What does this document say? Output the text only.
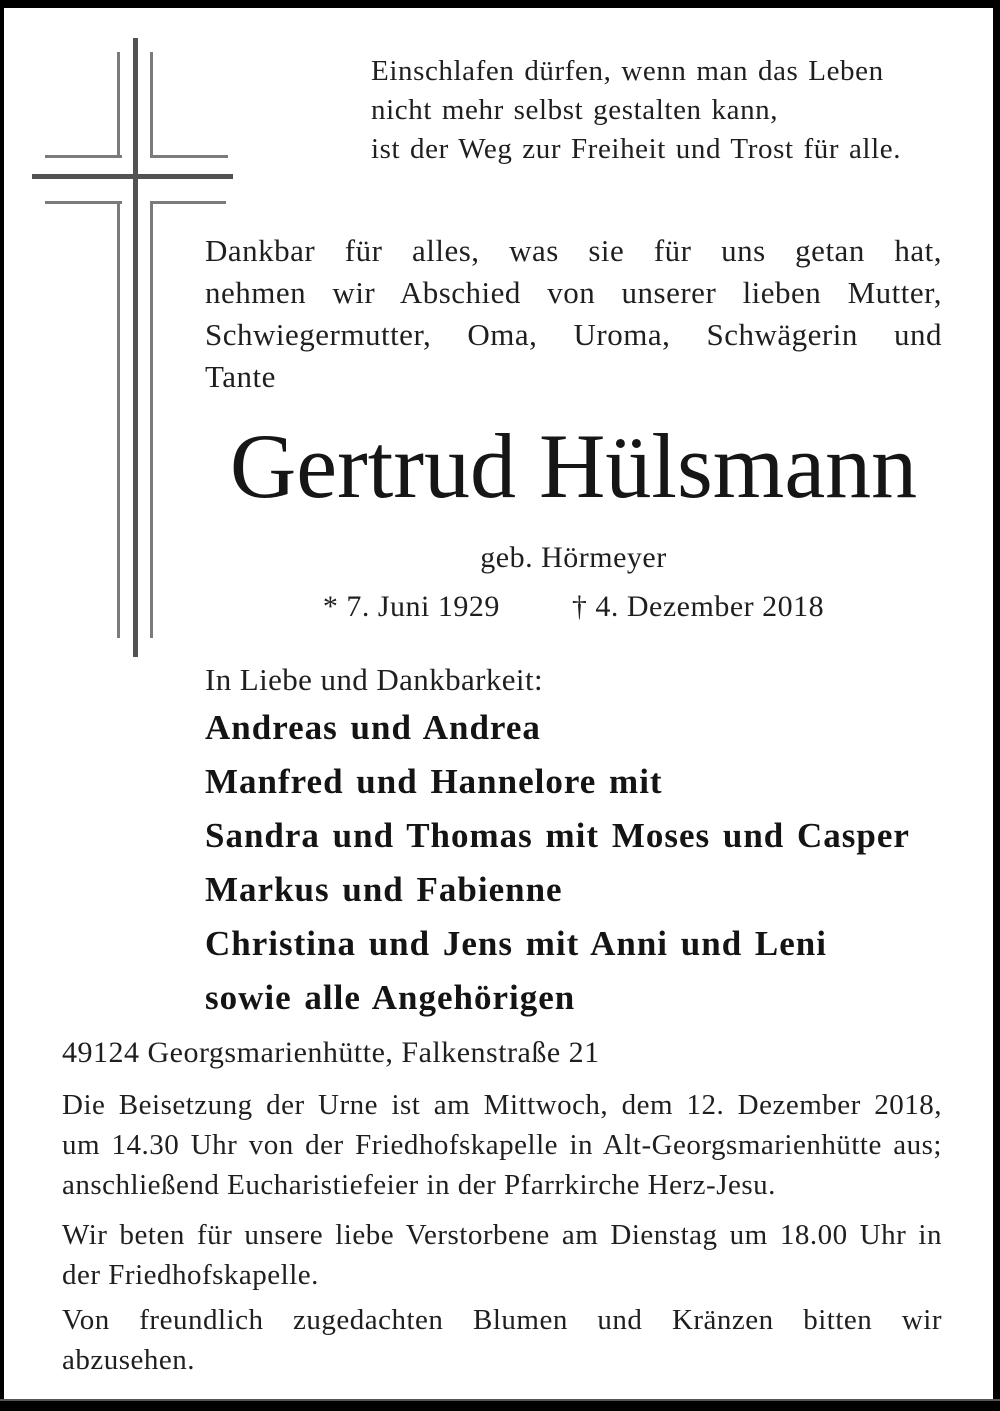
Einschlafen dürfen, wenn man das Leben
nicht mehr selbst gestalten kann,
ist der Weg zur Freiheit und Trost für alle.
Dankbar für alles, was sie für uns getan hat,
nehmen wir Abschied von unserer lieben Mutter,
Schwiegermutter, Oma, Uroma, Schwägerin und
Tante
Gertrud Hülsmann
geb. Hörmeyer
* 7. Juni 1929 † 4. Dezember 2018
In Liebe und Dankbarkeit:
Andreas und Andrea
Manfred und Hannelore mit
Sandra und Thomas mit Moses und Casper
Markus und Fabienne
Christina und Jens mit Anni und Leni
sowie alle Angehörigen
49124 Georgsmarienhütte, Falkenstraße 21
Die Beisetzung der Urne ist am Mittwoch, dem 12. Dezember 2018,
um 14.30 Uhr von der Friedhofskapelle in Alt-Georgsmarienhütte aus;
anschließend Eucharistiefeier in der Pfarrkirche Herz-Jesu.
Wir beten für unsere liebe Verstorbene am Dienstag um 18.00 Uhr in
der Friedhofskapelle.
Von freundlich zugedachten Blumen und Kränzen bitten wir
abzusehen.
